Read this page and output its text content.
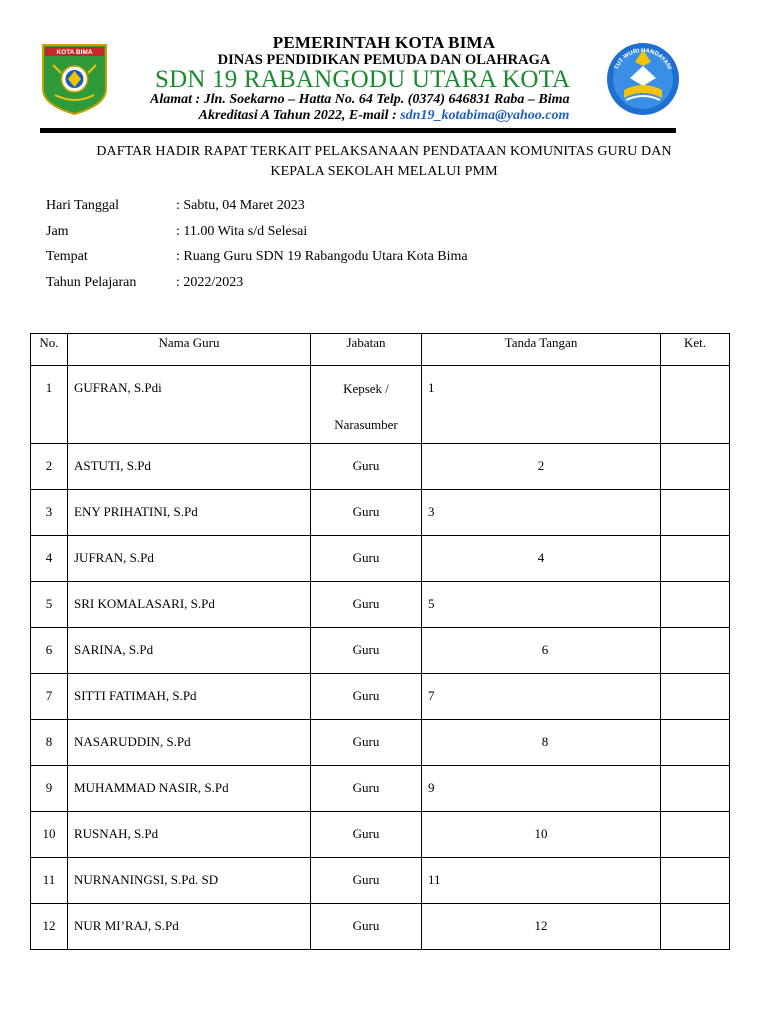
KOTA BIMA
TUT WURI HANDAYANI
PEMERINTAH KOTA BIMA
DINAS PENDIDIKAN PEMUDA DAN OLAHRAGA
SDN 19 RABANGODU UTARA KOTA
Alamat : Jln. Soekarno – Hatta No. 64 Telp. (0374) 646831 Raba – Bima
Akreditasi A Tahun 2022, E-mail : sdn19_kotabima@yahoo.com
DAFTAR HADIR RAPAT TERKAIT PELAKSANAAN PENDATAAN KOMUNITAS GURU DAN
KEPALA SEKOLAH MELALUI PMM
Hari Tanggal	: Sabtu, 04 Maret 2023
Jam	: 11.00 Wita s/d Selesai
Tempat	: Ruang Guru SDN 19 Rabangodu Utara Kota Bima
Tahun Pelajaran	: 2022/2023
No.	Nama Guru	Jabatan	Tanda Tangan	Ket.

1	GUFRAN, S.Pdi	Kepsek /
Narasumber	1	

2	ASTUTI, S.Pd	Guru	2	

3	ENY PRIHATINI, S.Pd	Guru	3	

4	JUFRAN, S.Pd	Guru	4	

5	SRI KOMALASARI, S.Pd	Guru	5	

6	SARINA, S.Pd	Guru	6	

7	SITTI FATIMAH, S.Pd	Guru	7	

8	NASARUDDIN, S.Pd	Guru	8	

9	MUHAMMAD NASIR, S.Pd	Guru	9	

10	RUSNAH, S.Pd	Guru	10	

11	NURNANINGSI, S.Pd. SD	Guru	11	

12	NUR MI’RAJ, S.Pd	Guru	12	
